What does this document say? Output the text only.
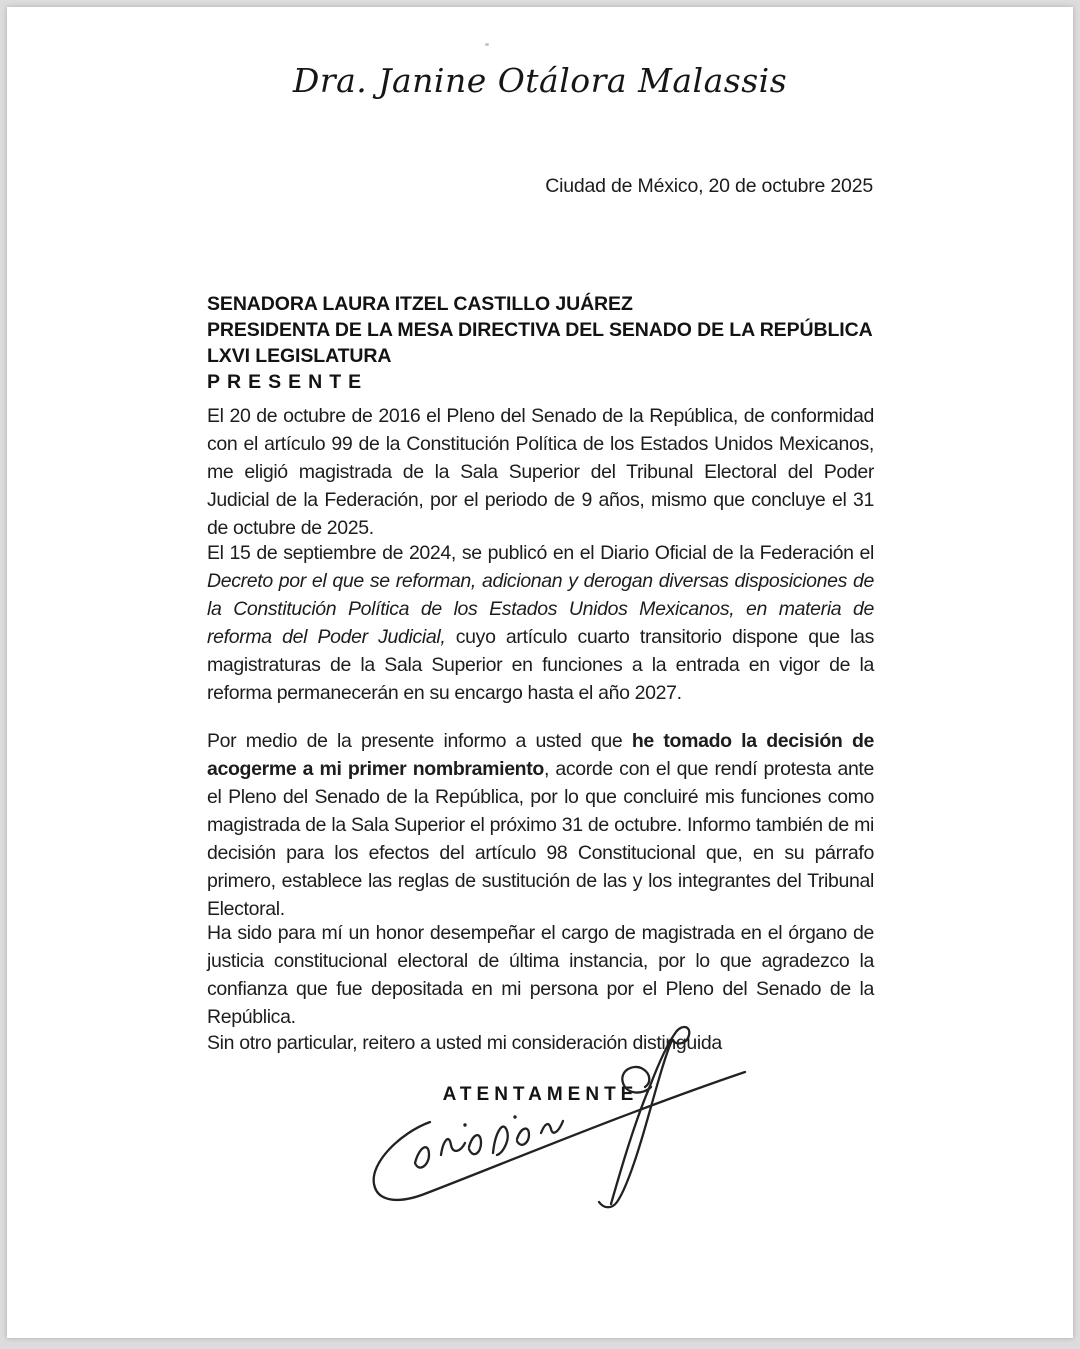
Dra. Janine Otálora Malassis
Ciudad de México, 20 de octubre 2025
SENADORA LAURA ITZEL CASTILLO JUÁREZ
PRESIDENTA DE LA MESA DIRECTIVA DEL SENADO DE LA REPÚBLICA
LXVI LEGISLATURA
PRESENTE

El 20 de octubre de 2016 el Pleno del Senado de la República, de conformidad con el artículo 99 de la Constitución Política de los Estados Unidos Mexicanos, me eligió magistrada de la Sala Superior del Tribunal Electoral del Poder Judicial de la Federación, por el periodo de 9 años, mismo que concluye el 31 de octubre de 2025.

El 15 de septiembre de 2024, se publicó en el Diario Oficial de la Federación el Decreto por el que se reforman, adicionan y derogan diversas disposiciones de la Constitución Política de los Estados Unidos Mexicanos, en materia de reforma del Poder Judicial, cuyo artículo cuarto transitorio dispone que las magistraturas de la Sala Superior en funciones a la entrada en vigor de la reforma permanecerán en su encargo hasta el año 2027.

Por medio de la presente informo a usted que he tomado la decisión de acogerme a mi primer nombramiento, acorde con el que rendí protesta ante el Pleno del Senado de la República, por lo que concluiré mis funciones como magistrada de la Sala Superior el próximo 31 de octubre. Informo también de mi decisión para los efectos del artículo 98 Constitucional que, en su párrafo primero, establece las reglas de sustitución de las y los integrantes del Tribunal Electoral.

Ha sido para mí un honor desempeñar el cargo de magistrada en el órgano de justicia constitucional electoral de última instancia, por lo que agradezco la confianza que fue depositada en mi persona por el Pleno del Senado de la República.

Sin otro particular, reitero a usted mi consideración distinguida

ATENTAMENTE
